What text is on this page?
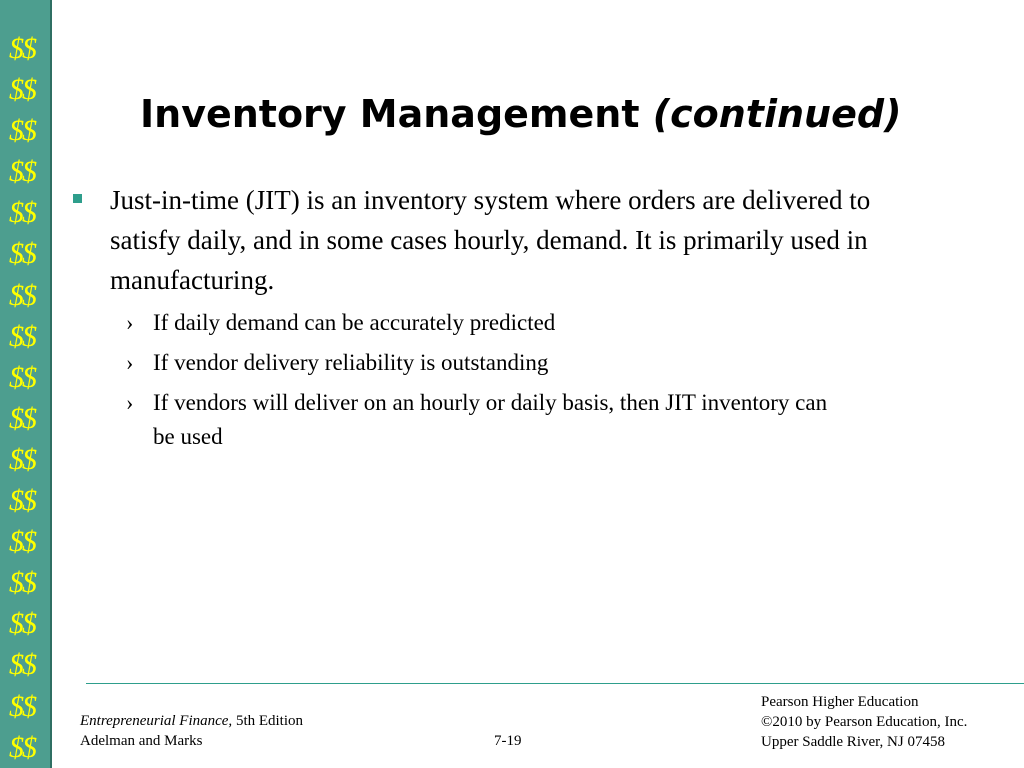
$$
$$
$$
$$
$$
$$
$$
$$
$$
$$
$$
$$
$$
$$
$$
$$
$$
$$
Inventory Management (continued)
Just-in-time (JIT) is an inventory system where orders are delivered to satisfy daily, and in some cases hourly, demand. It is primarily used in manufacturing.
› If daily demand can be accurately predicted
› If vendor delivery reliability is outstanding
› If vendors will deliver on an hourly or daily basis, then JIT inventory can be used
Entrepreneurial Finance, 5th Edition
Adelman and Marks	7-19
Pearson Higher Education
©2010 by Pearson Education, Inc.
Upper Saddle River, NJ 07458
